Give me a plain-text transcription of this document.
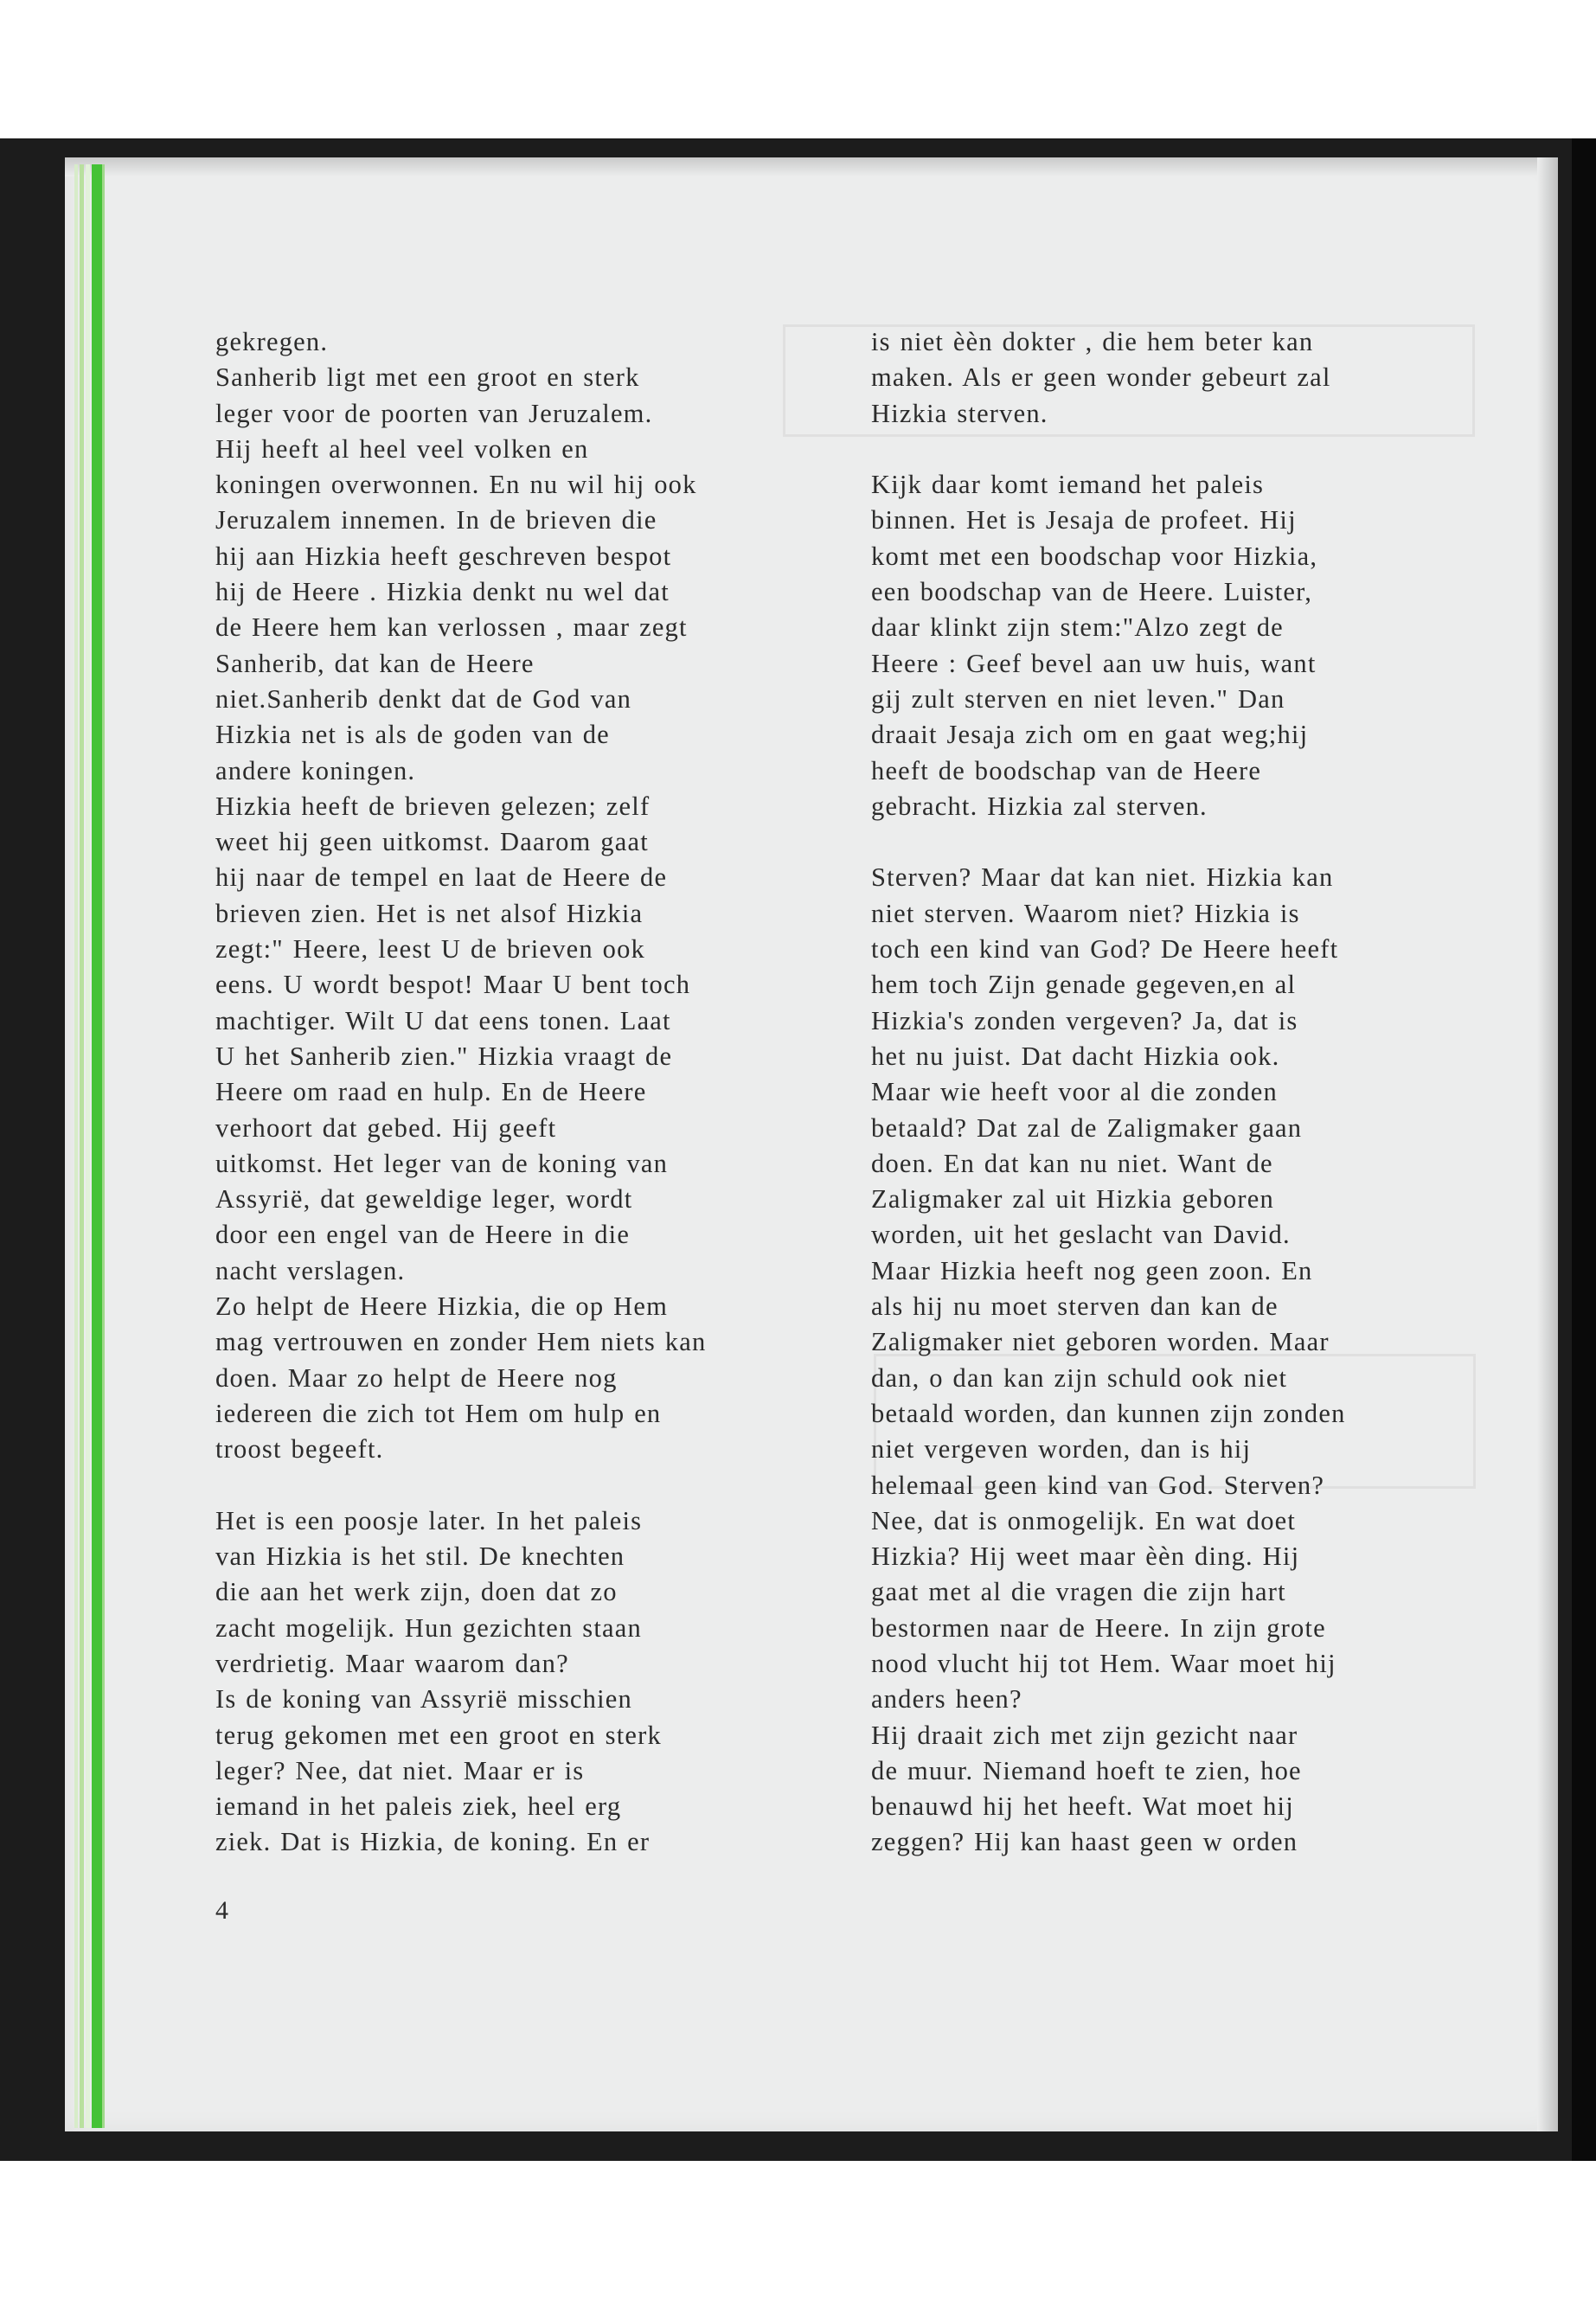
gekregen.
Sanherib ligt met een groot en sterk
leger voor de poorten van Jeruzalem.
Hij heeft al heel veel volken en
koningen overwonnen. En nu wil hij ook
Jeruzalem innemen. In de brieven die
hij aan Hizkia heeft geschreven bespot
hij de Heere . Hizkia denkt nu wel dat
de Heere hem kan verlossen , maar zegt
Sanherib, dat kan de Heere
niet.Sanherib denkt dat de God van
Hizkia net is als de goden van de
andere koningen.
Hizkia heeft de brieven gelezen; zelf
weet hij geen uitkomst. Daarom gaat
hij naar de tempel en laat de Heere de
brieven zien. Het is net alsof Hizkia
zegt:" Heere, leest U de brieven ook
eens. U wordt bespot! Maar U bent toch
machtiger. Wilt U dat eens tonen. Laat
U het Sanherib zien." Hizkia vraagt de
Heere om raad en hulp. En de Heere
verhoort dat gebed. Hij geeft
uitkomst. Het leger van de koning van
Assyrië, dat geweldige leger, wordt
door een engel van de Heere in die
nacht verslagen.
Zo helpt de Heere Hizkia, die op Hem
mag vertrouwen en zonder Hem niets kan
doen. Maar zo helpt de Heere nog
iedereen die zich tot Hem om hulp en
troost begeeft.
Het is een poosje later. In het paleis
van Hizkia is het stil. De knechten
die aan het werk zijn, doen dat zo
zacht mogelijk. Hun gezichten staan
verdrietig. Maar waarom dan?
Is de koning van Assyrië misschien
terug gekomen met een groot en sterk
leger? Nee, dat niet. Maar er is
iemand in het paleis ziek, heel erg
ziek. Dat is Hizkia, de koning. En er
is niet èèn dokter , die hem beter kan
maken. Als er geen wonder gebeurt zal
Hizkia sterven.
Kijk daar komt iemand het paleis
binnen. Het is Jesaja de profeet. Hij
komt met een boodschap voor Hizkia,
een boodschap van de Heere. Luister,
daar klinkt zijn stem:"Alzo zegt de
Heere : Geef bevel aan uw huis, want
gij zult sterven en niet leven." Dan
draait Jesaja zich om en gaat weg;hij
heeft de boodschap van de Heere
gebracht. Hizkia zal sterven.
Sterven? Maar dat kan niet. Hizkia kan
niet sterven. Waarom niet? Hizkia is
toch een kind van God? De Heere heeft
hem toch Zijn genade gegeven,en al
Hizkia's zonden vergeven? Ja, dat is
het nu juist. Dat dacht Hizkia ook.
Maar wie heeft voor al die zonden
betaald? Dat zal de Zaligmaker gaan
doen. En dat kan nu niet. Want de
Zaligmaker zal uit Hizkia geboren
worden, uit het geslacht van David.
Maar Hizkia heeft nog geen zoon. En
als hij nu moet sterven dan kan de
Zaligmaker niet geboren worden. Maar
dan, o dan kan zijn schuld ook niet
betaald worden, dan kunnen zijn zonden
niet vergeven worden, dan is hij
helemaal geen kind van God. Sterven?
Nee, dat is onmogelijk. En wat doet
Hizkia? Hij weet maar èèn ding. Hij
gaat met al die vragen die zijn hart
bestormen naar de Heere. In zijn grote
nood vlucht hij tot Hem. Waar moet hij
anders heen?
Hij draait zich met zijn gezicht naar
de muur. Niemand hoeft te zien, hoe
benauwd hij het heeft. Wat moet hij
zeggen? Hij kan haast geen w orden
4
